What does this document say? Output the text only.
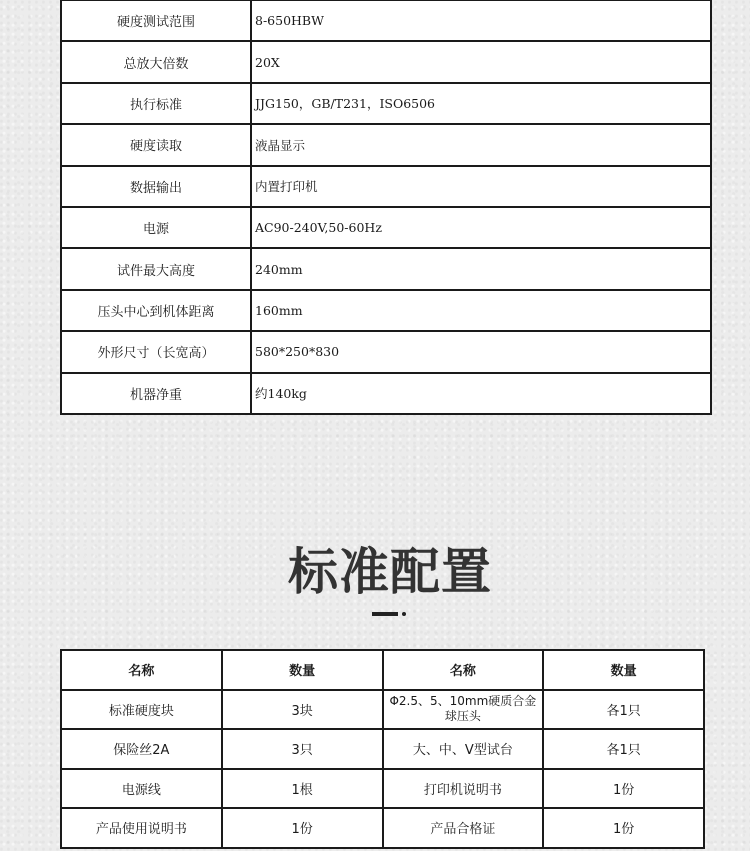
硬度测试范围	8-650HBW
总放大倍数	20X
执行标准	JJG150，GB/T231，ISO6506
硬度读取	液晶显示
数据输出	内置打印机
电源	AC90-240V,50-60Hz
试件最大高度	240mm
压头中心到机体距离	160mm
外形尺寸（长宽高）	580*250*830
机器净重	约140kg
标准配置
名称	数量	名称	数量
标准硬度块	3块	Φ2.5、5、10mm硬质合金球压头	各1只
保险丝2A	3只	大、中、V型试台	各1只
电源线	1根	打印机说明书	1份
产品使用说明书	1份	产品合格证	1份
